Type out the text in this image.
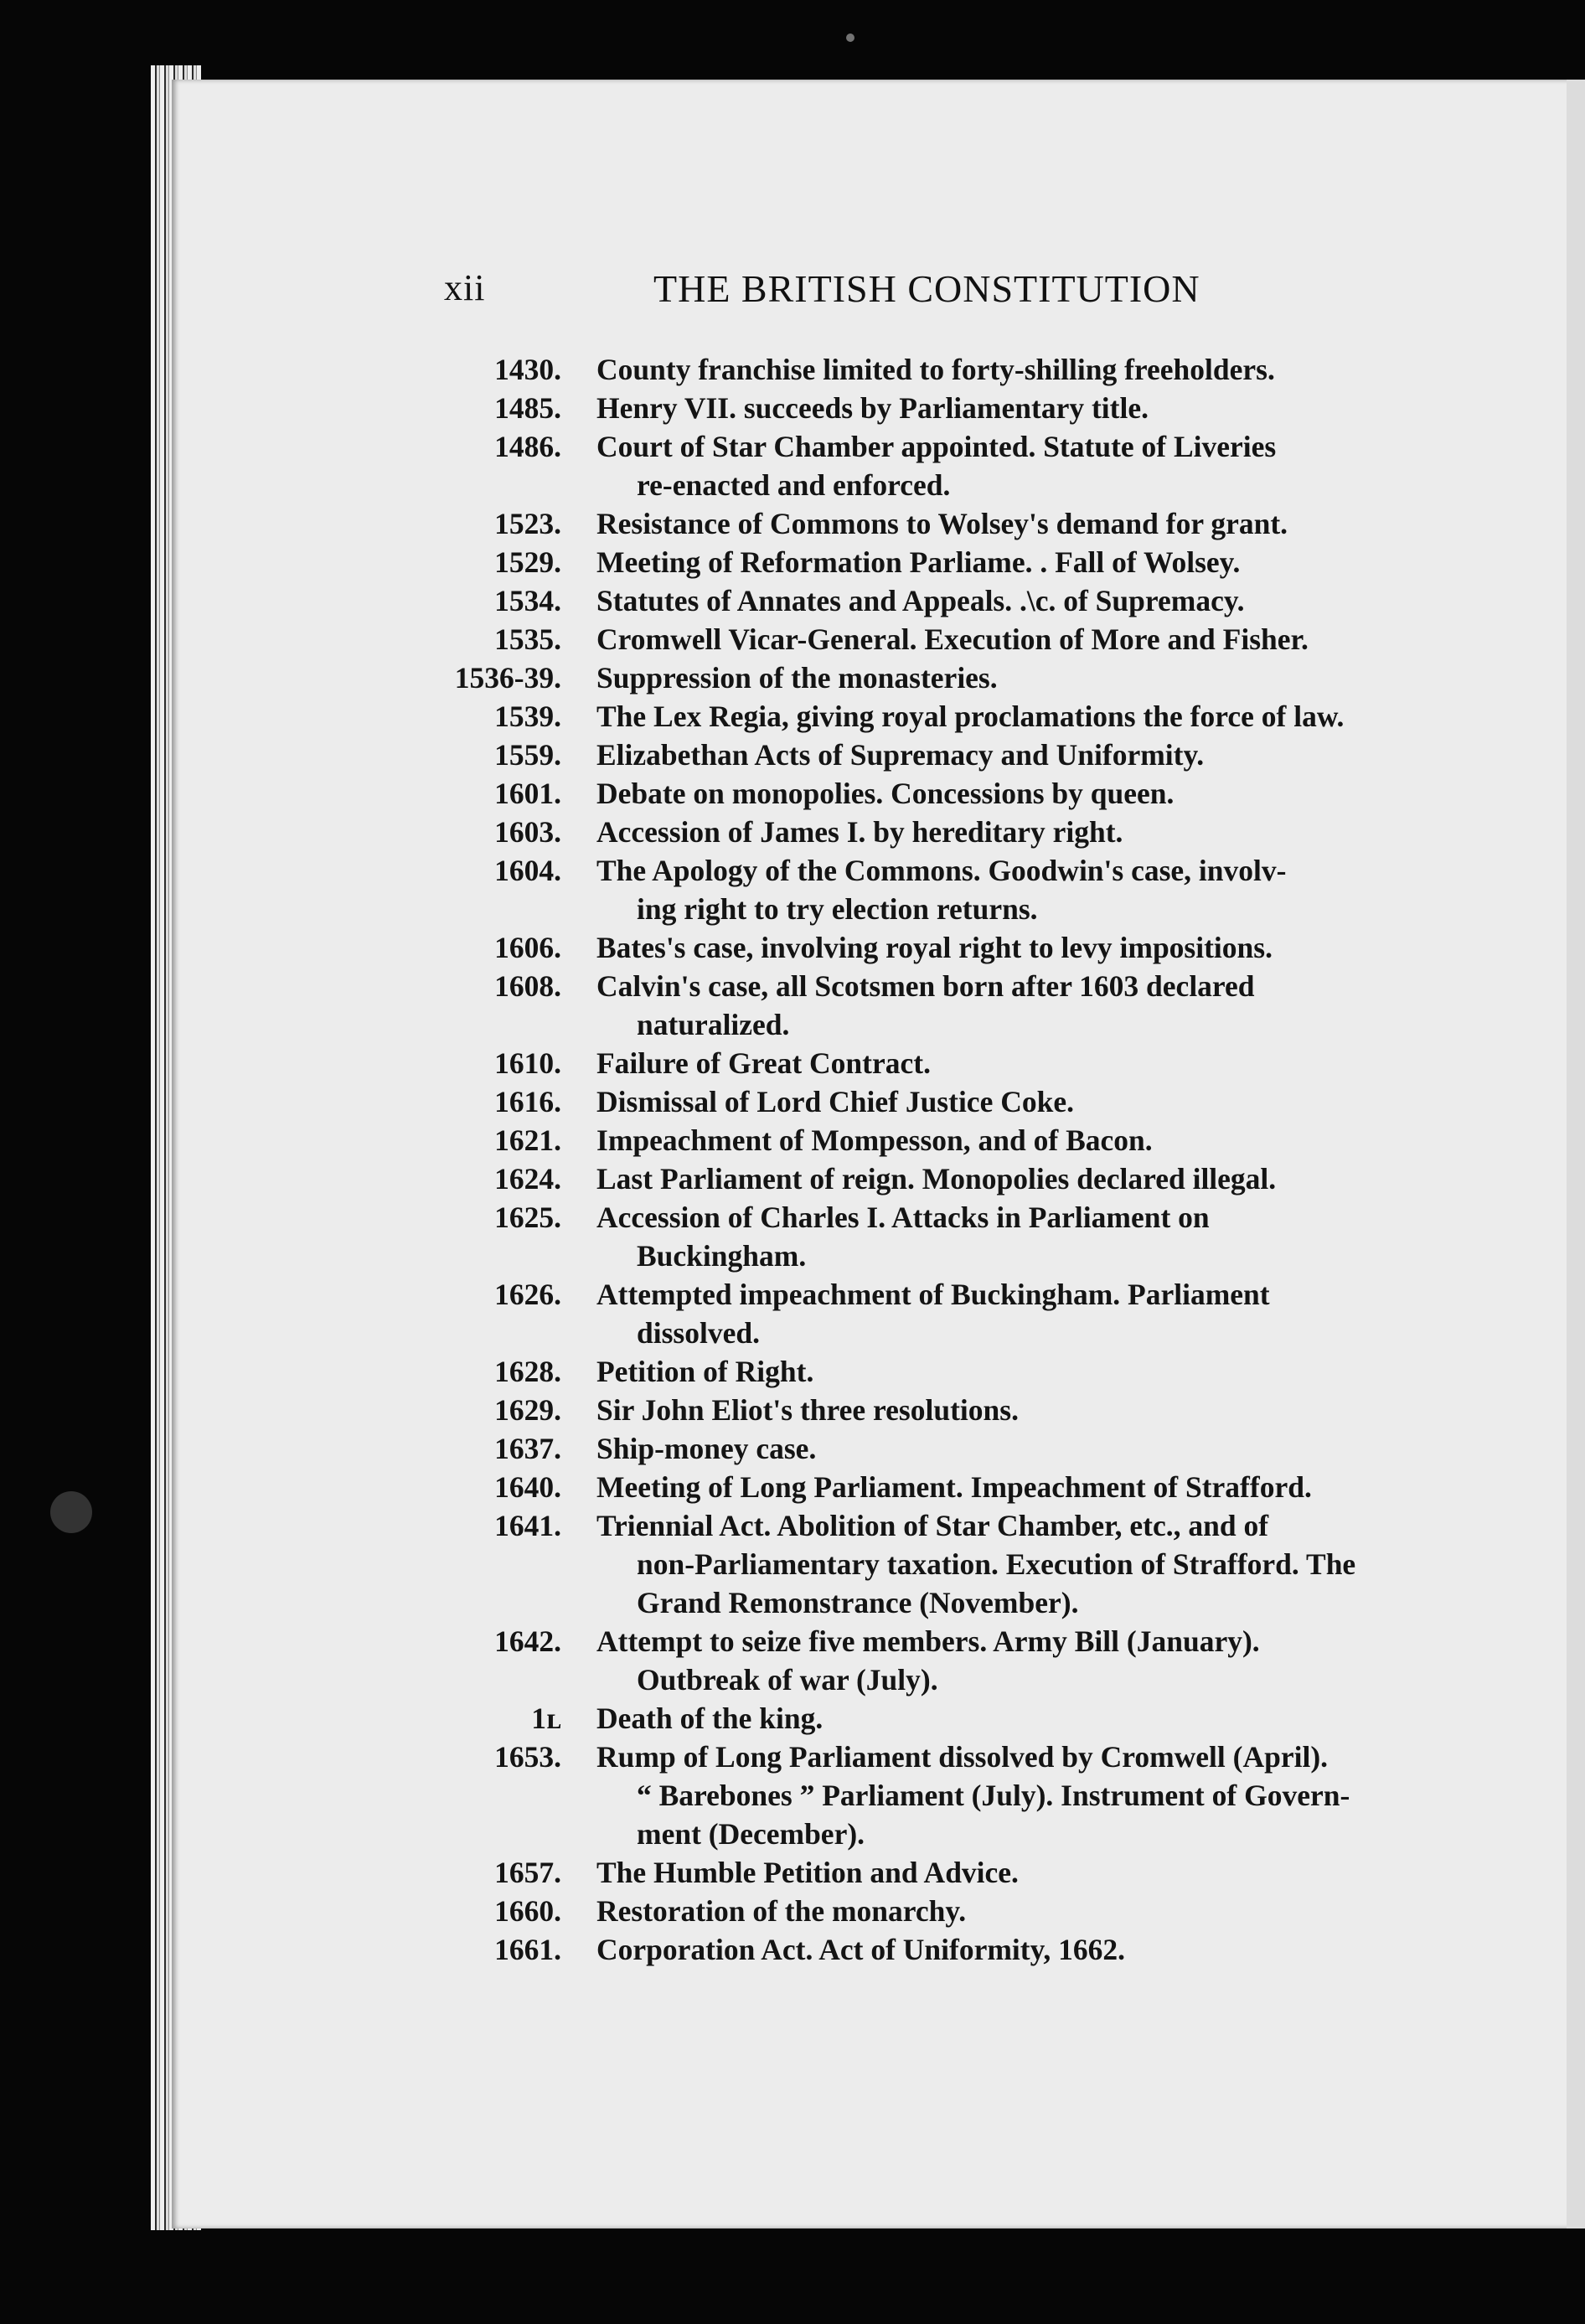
xii	THE BRITISH CONSTITUTION
1430. County franchise limited to forty-shilling freeholders.
1485. Henry VII. succeeds by Parliamentary title.
1486. Court of Star Chamber appointed. Statute of Liveries
re-enacted and enforced.
1523. Resistance of Commons to Wolsey's demand for grant.
1529. Meeting of Reformation Parliame. . Fall of Wolsey.
1534. Statutes of Annates and Appeals. .\c. of Supremacy.
1535. Cromwell Vicar-General. Execution of More and Fisher.
1536-39. Suppression of the monasteries.
1539. The Lex Regia, giving royal proclamations the force of law.
1559. Elizabethan Acts of Supremacy and Uniformity.
1601. Debate on monopolies. Concessions by queen.
1603. Accession of James I. by hereditary right.
1604. The Apology of the Commons. Goodwin's case, involv-
ing right to try election returns.
1606. Bates's case, involving royal right to levy impositions.
1608. Calvin's case, all Scotsmen born after 1603 declared
naturalized.
1610. Failure of Great Contract.
1616. Dismissal of Lord Chief Justice Coke.
1621. Impeachment of Mompesson, and of Bacon.
1624. Last Parliament of reign. Monopolies declared illegal.
1625. Accession of Charles I. Attacks in Parliament on
Buckingham.
1626. Attempted impeachment of Buckingham. Parliament
dissolved.
1628. Petition of Right.
1629. Sir John Eliot's three resolutions.
1637. Ship-money case.
1640. Meeting of Long Parliament. Impeachment of Strafford.
1641. Triennial Act. Abolition of Star Chamber, etc., and of
non-Parliamentary taxation. Execution of Strafford. The
Grand Remonstrance (November).
1642. Attempt to seize five members. Army Bill (January).
Outbreak of war (July).
1ʟ Death of the king.
1653. Rump of Long Parliament dissolved by Cromwell (April).
“ Barebones ” Parliament (July). Instrument of Govern-
ment (December).
1657. The Humble Petition and Advice.
1660. Restoration of the monarchy.
1661. Corporation Act. Act of Uniformity, 1662.
